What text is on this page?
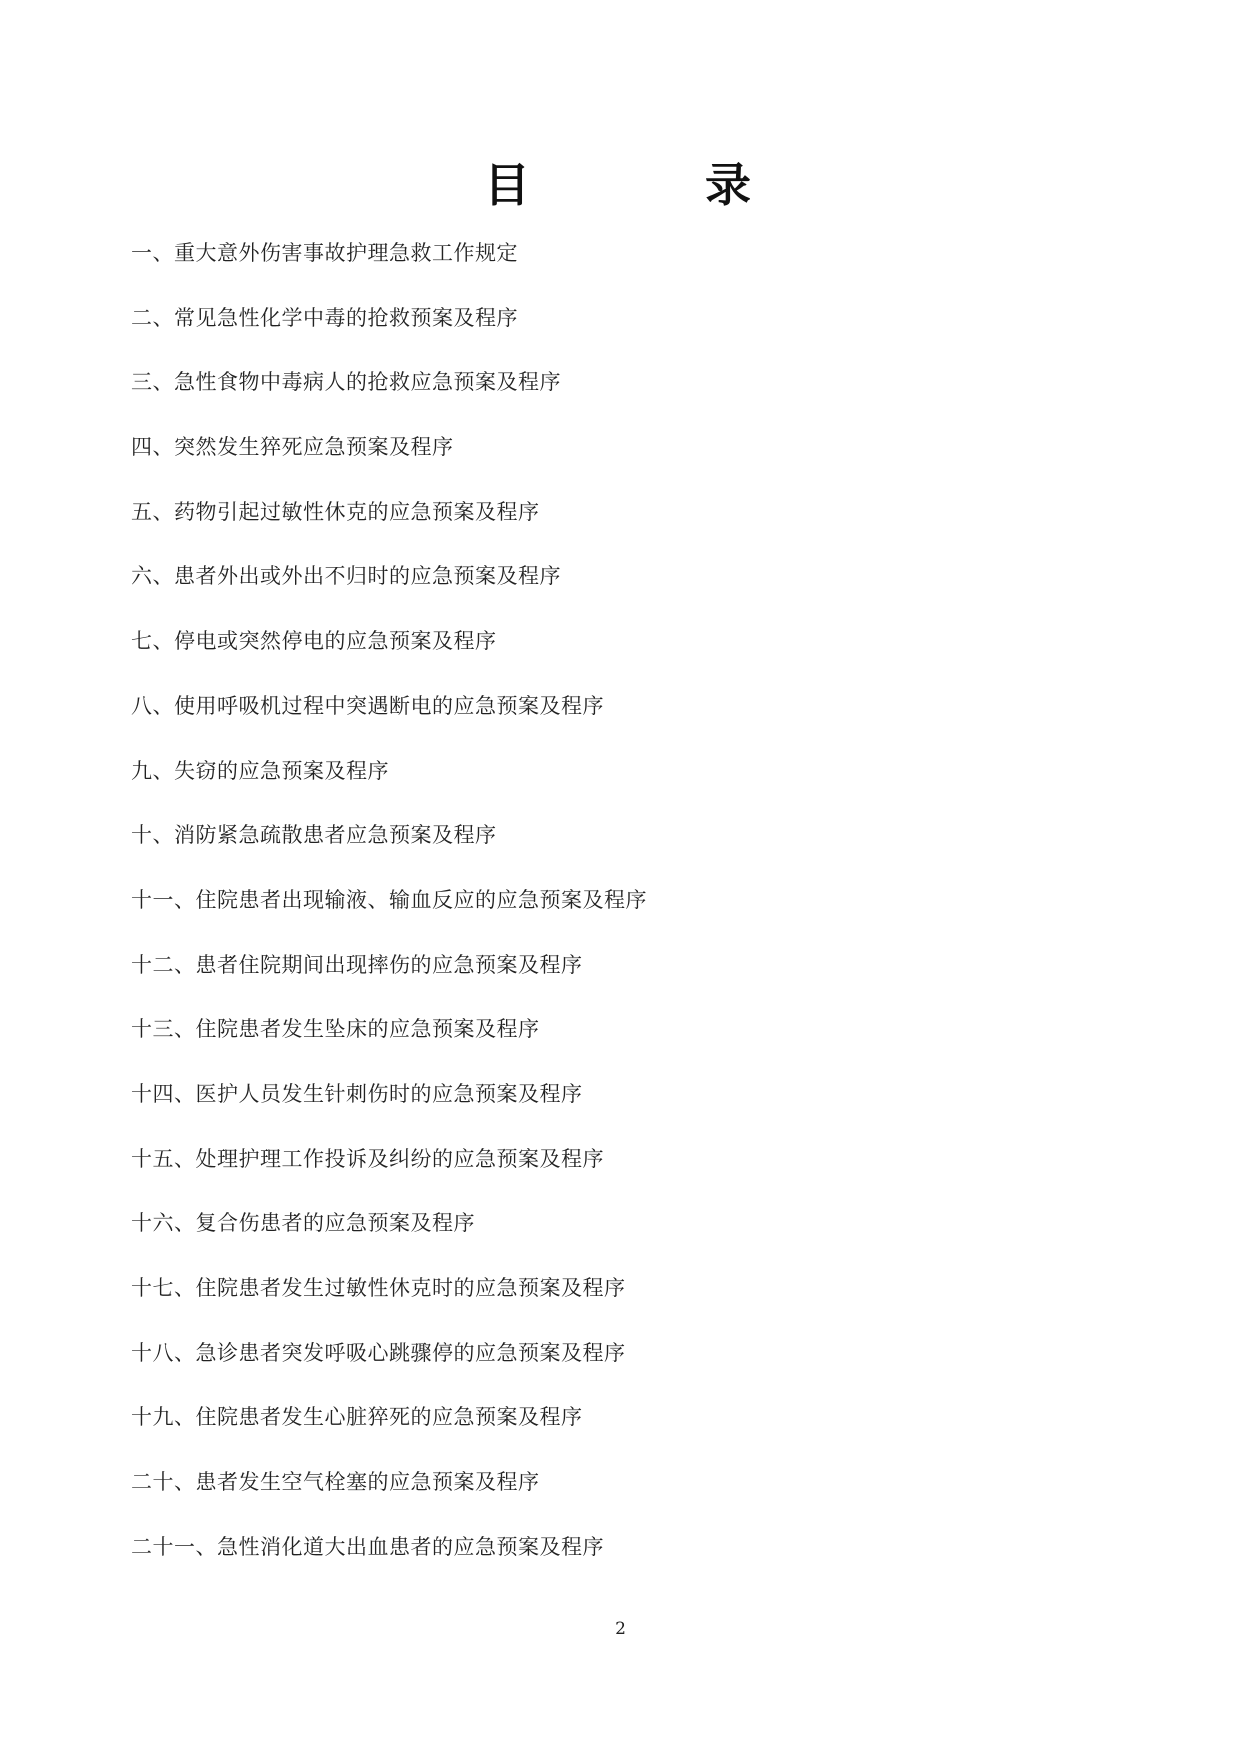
目	录
一、重大意外伤害事故护理急救工作规定
二、常见急性化学中毒的抢救预案及程序
三、急性食物中毒病人的抢救应急预案及程序
四、突然发生猝死应急预案及程序
五、药物引起过敏性休克的应急预案及程序
六、患者外出或外出不归时的应急预案及程序
七、停电或突然停电的应急预案及程序
八、使用呼吸机过程中突遇断电的应急预案及程序
九、失窃的应急预案及程序
十、消防紧急疏散患者应急预案及程序
十一、住院患者出现输液、输血反应的应急预案及程序
十二、患者住院期间出现摔伤的应急预案及程序
十三、住院患者发生坠床的应急预案及程序
十四、医护人员发生针刺伤时的应急预案及程序
十五、处理护理工作投诉及纠纷的应急预案及程序
十六、复合伤患者的应急预案及程序
十七、住院患者发生过敏性休克时的应急预案及程序
十八、急诊患者突发呼吸心跳骤停的应急预案及程序
十九、住院患者发生心脏猝死的应急预案及程序
二十、患者发生空气栓塞的应急预案及程序
二十一、急性消化道大出血患者的应急预案及程序
2
